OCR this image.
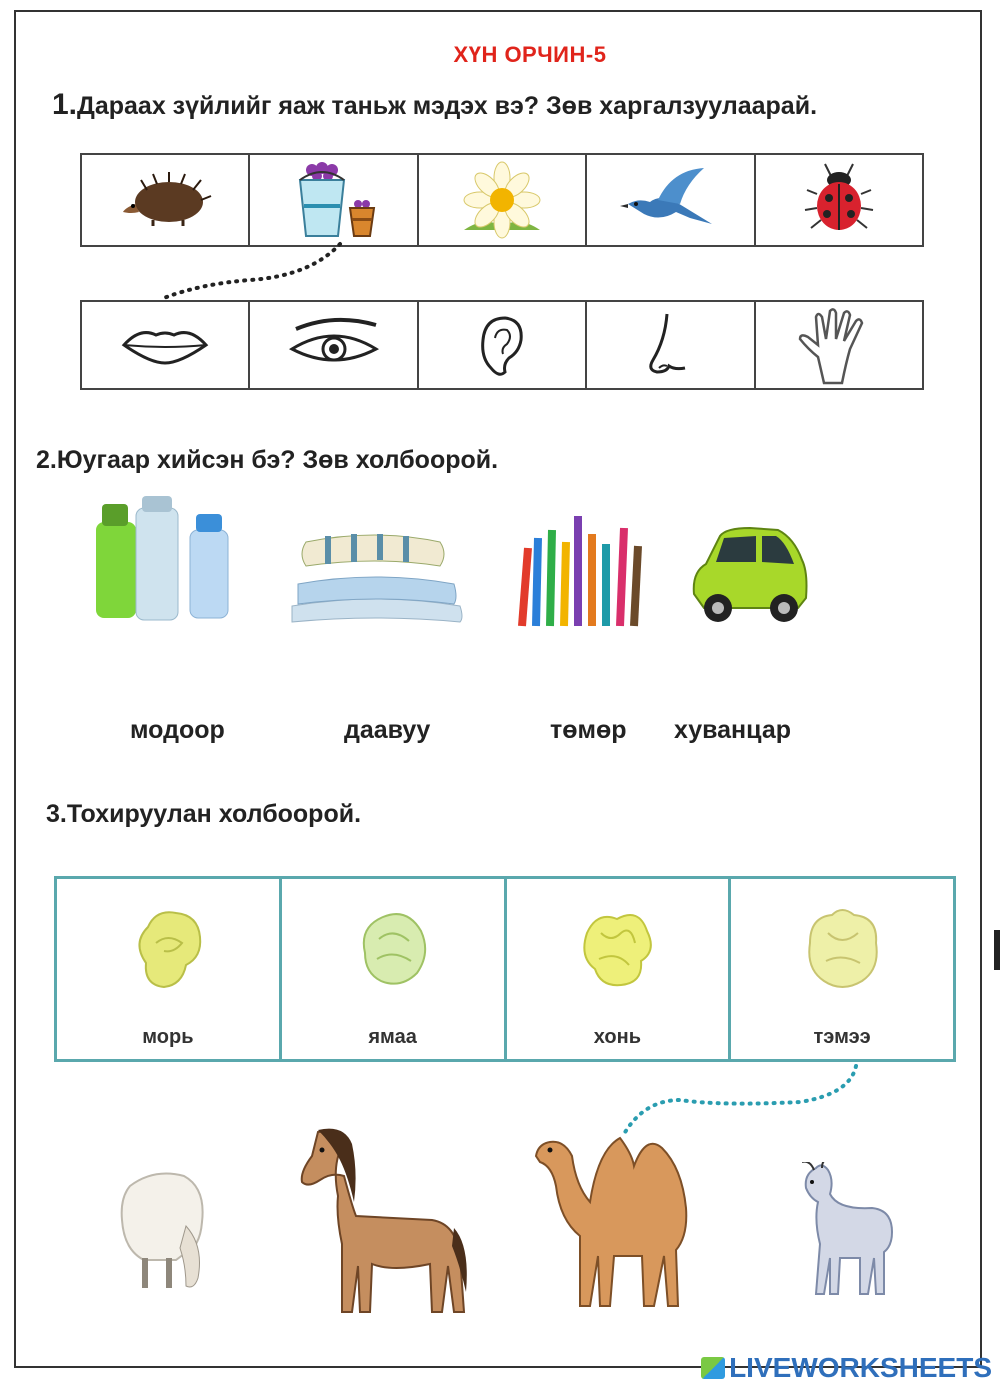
ХҮН ОРЧИН-5
1.Дараах зүйлийг яаж таньж мэдэх вэ? Зөв харгалзуулаарай.
2.Юугаар хийсэн бэ? Зөв холбоорой.
модоор	даавуу	төмөр хуванцар
3.Тохируулан холбоорой.
морь	ямаа	хонь	тэмээ
LIVEWORKSHEETS
